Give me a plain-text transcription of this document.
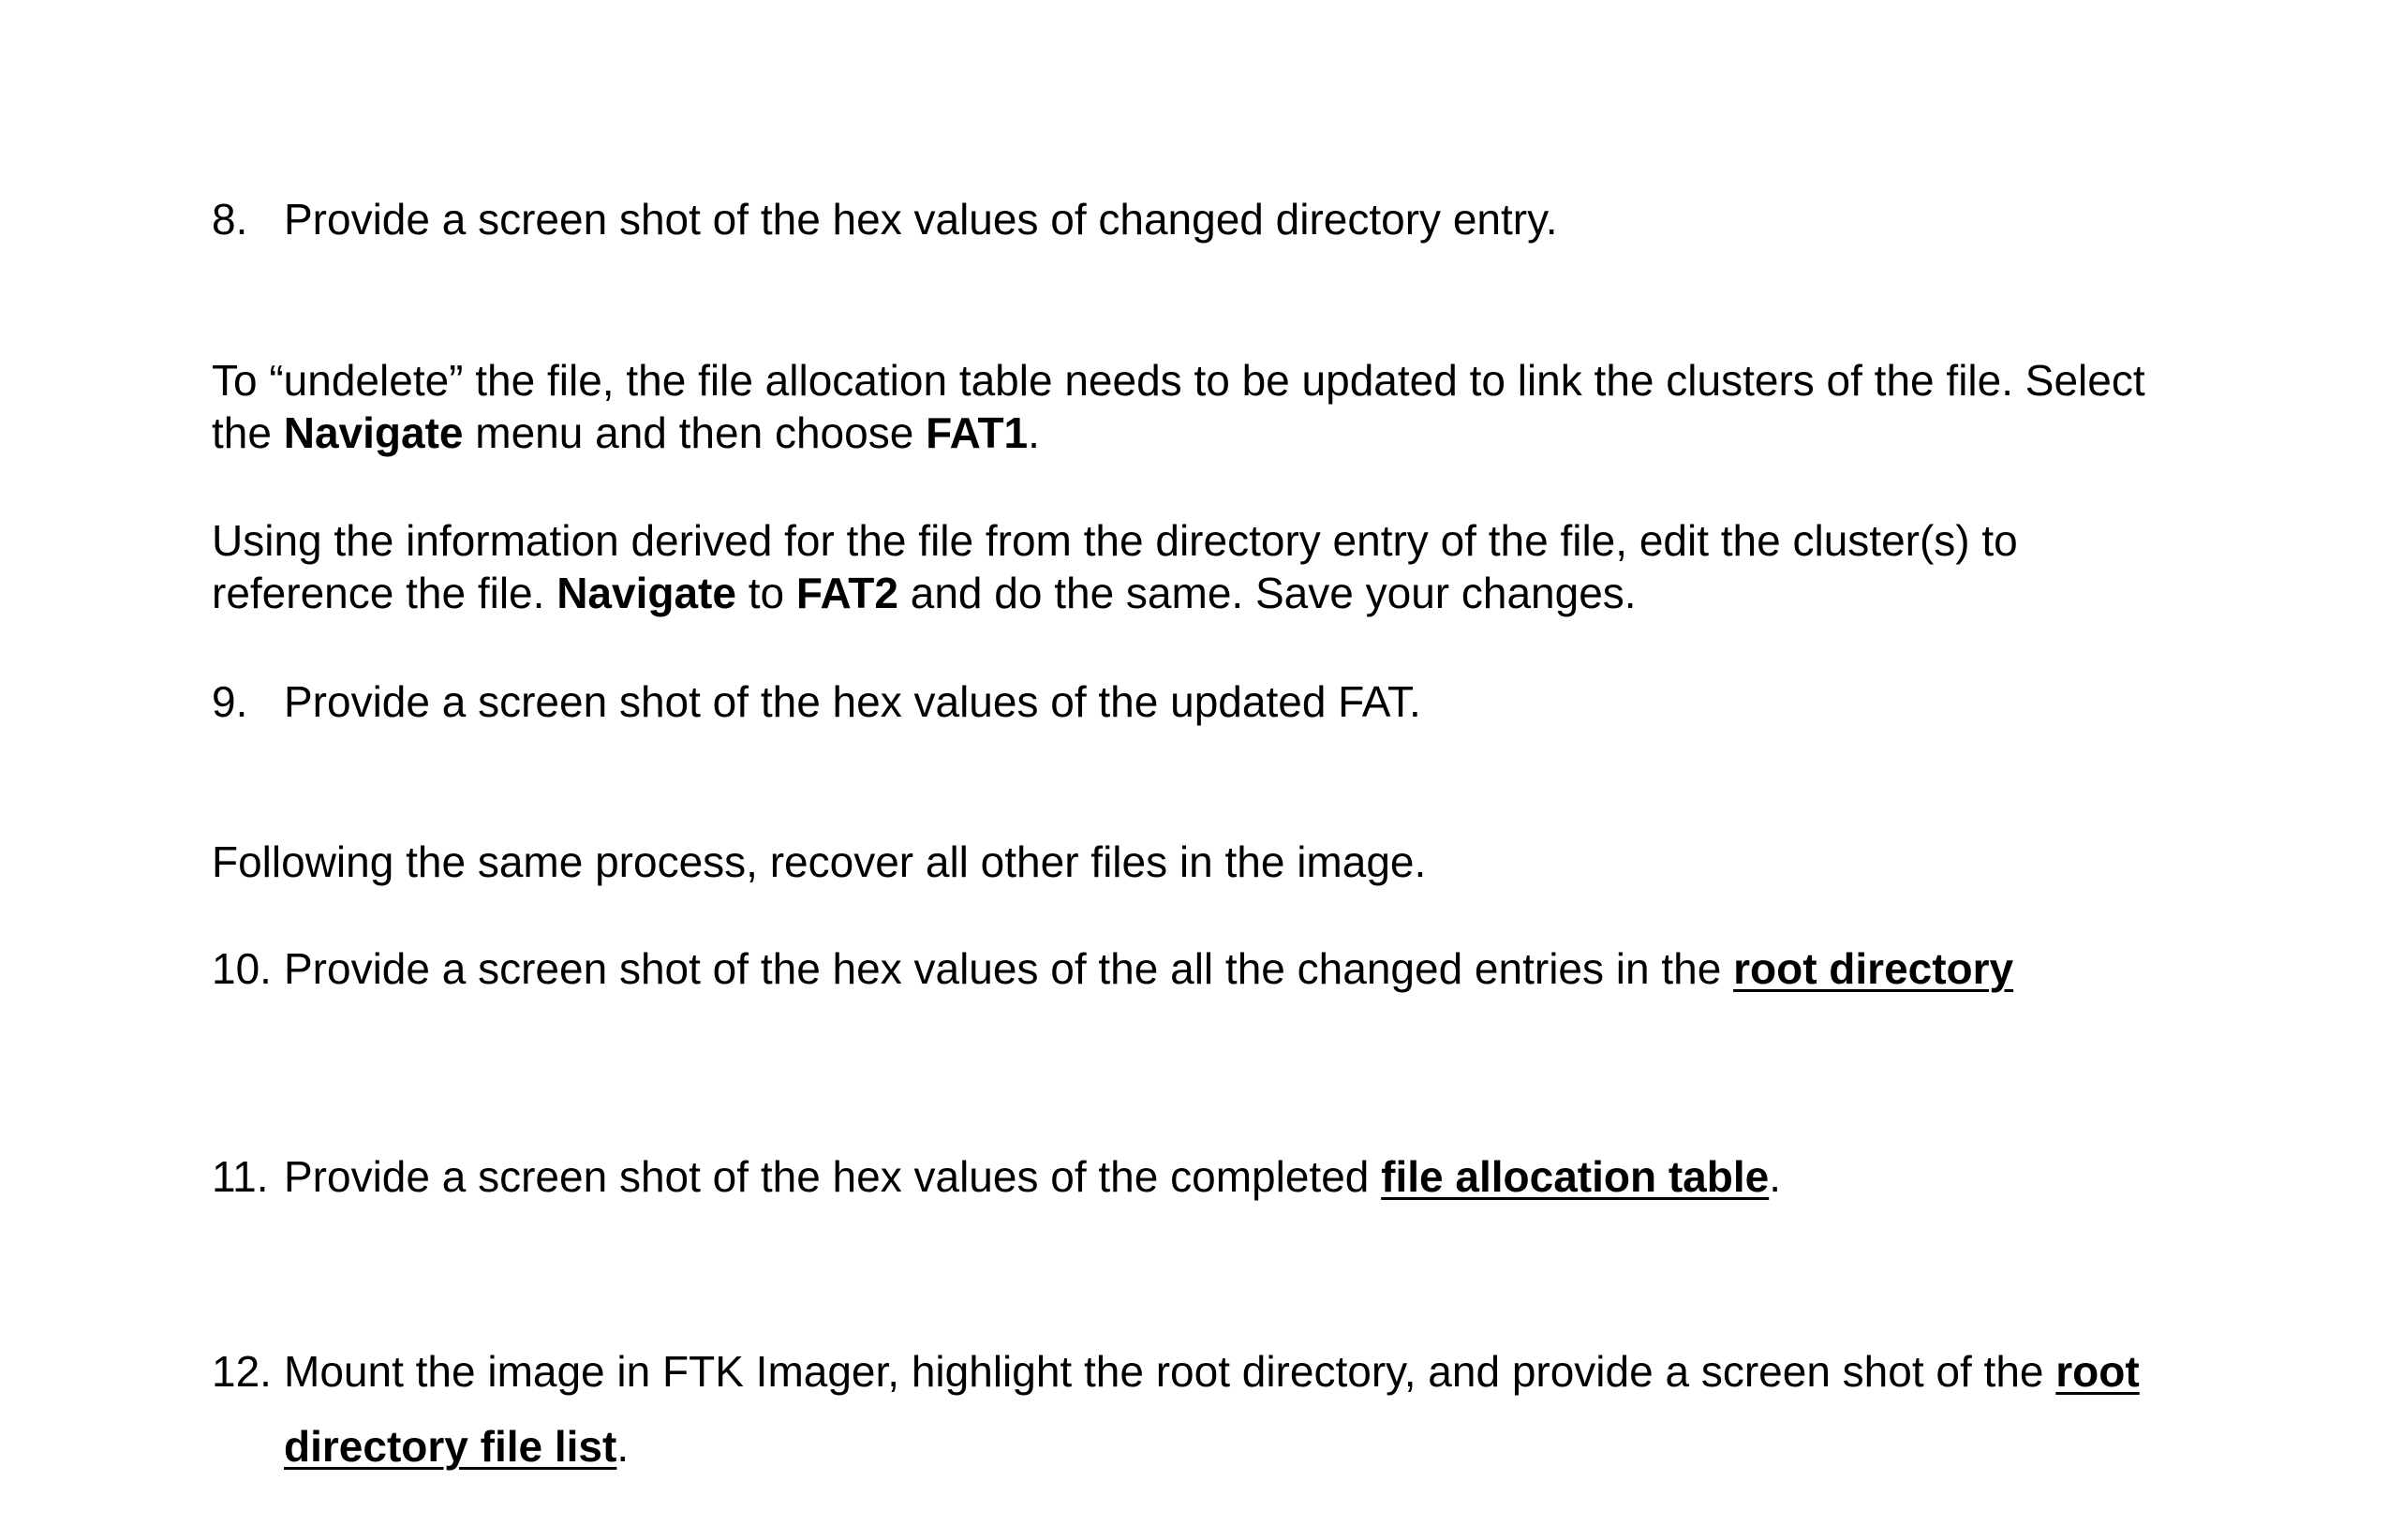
8. Provide a screen shot of the hex values of changed directory entry.

To “undelete” the file, the file allocation table needs to be updated to link the clusters of the file. Select the Navigate menu and then choose FAT1.

Using the information derived for the file from the directory entry of the file, edit the cluster(s) to reference the file. Navigate to FAT2 and do the same. Save your changes.

9. Provide a screen shot of the hex values of the updated FAT.

Following the same process, recover all other files in the image.

10. Provide a screen shot of the hex values of the all the changed entries in the root directory
11. Provide a screen shot of the hex values of the completed file allocation table.
12. Mount the image in FTK Imager, highlight the root directory, and provide a screen shot of the root directory file list.
